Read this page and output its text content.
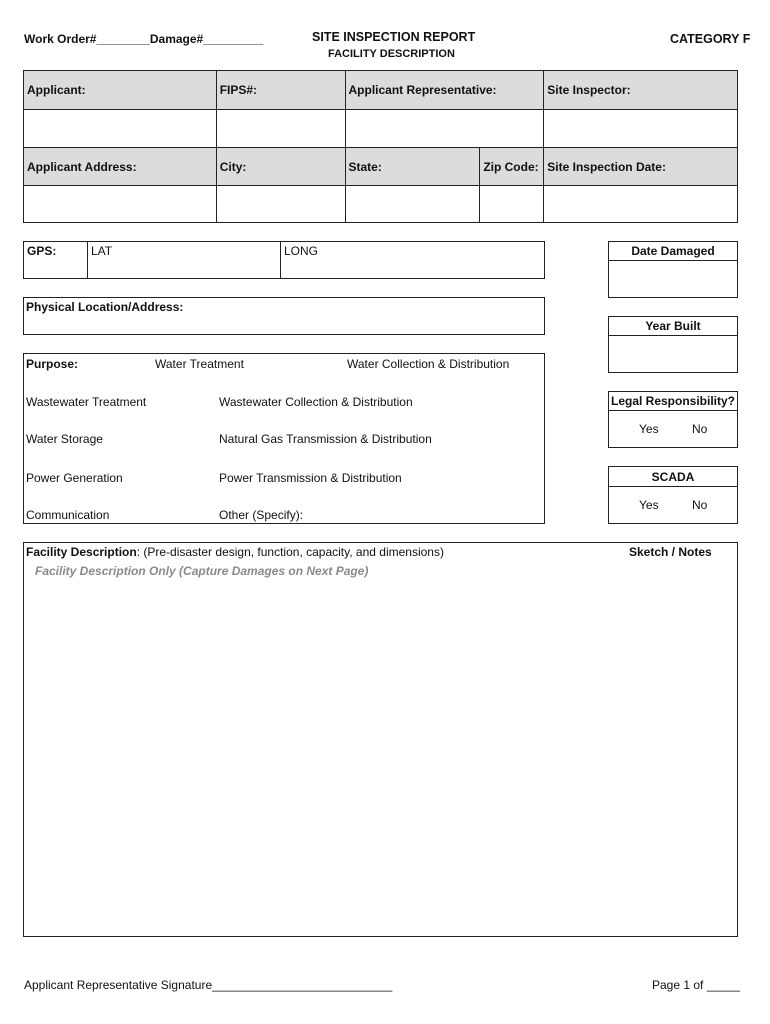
Work Order#________Damage#_________	SITE INSPECTION REPORT
FACILITY DESCRIPTION
CATEGORY F
Applicant:	FIPS#:	Applicant Representative:		Site Inspector:

Applicant Address:	City:	State:	Zip Code:	Site Inspection Date:

GPS:	LAT	LONG
Physical Location/Address:
Purpose:	Water Treatment	Water Collection & Distribution
Wastewater Treatment	Wastewater Collection & Distribution
Water Storage	Natural Gas Transmission & Distribution
Power Generation	Power Transmission & Distribution
Communication	Other (Specify):
Date Damaged
Year Built
Legal Responsibility?
Yes	No
SCADA
Yes	No
Facility Description: (Pre-disaster design, function, capacity, and dimensions)
Facility Description Only (Capture Damages on Next Page)
Sketch / Notes
Applicant Representative Signature___________________________	Page 1 of _____
